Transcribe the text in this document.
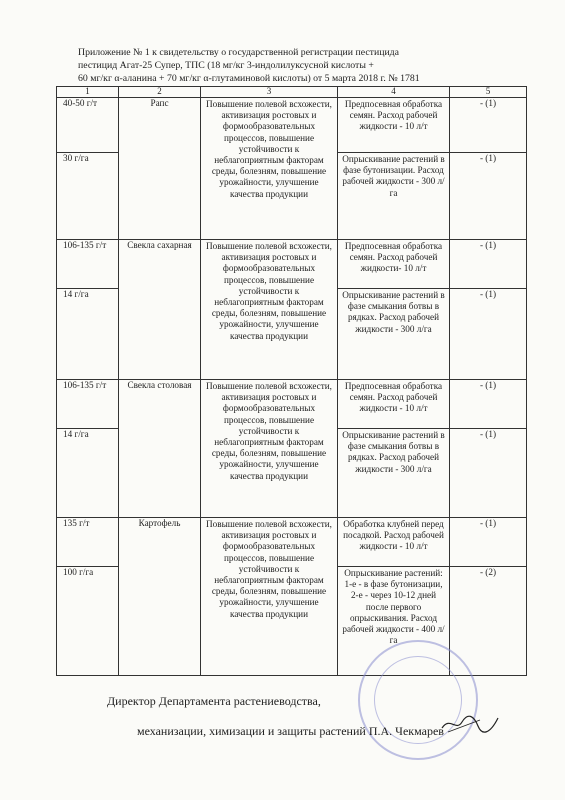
Приложение № 1 к свидетельству о государственной регистрации пестицида
пестицид Агат-25 Супер, ТПС (18 мг/кг 3-индолилуксусной кислоты +
60 мг/кг α-аланина + 70 мг/кг α-глутаминовой кислоты) от 5 марта 2018 г. № 1781
1	2	3	4	5
40-50 г/т	Рапс	Повышение полевой всхожести, активизация ростовых и формообразовательных процессов, повышение устойчивости к неблагоприятным факторам среды, болезням, повышение урожайности, улучшение качества продукции	Предпосевная обработка семян. Расход рабочей жидкости - 10 л/т	- (1)
30 г/га			Опрыскивание растений в фазе бутонизации. Расход рабочей жидкости - 300 л/га	- (1)
106-135 г/т	Свекла сахарная	Повышение полевой всхожести, активизация ростовых и формообразовательных процессов, повышение устойчивости к неблагоприятным факторам среды, болезням, повышение урожайности, улучшение качества продукции	Предпосевная обработка семян. Расход рабочей жидкости- 10 л/т	- (1)
14 г/га			Опрыскивание растений в фазе смыкания ботвы в рядках. Расход рабочей жидкости - 300 л/га	- (1)
106-135 г/т	Свекла столовая	Повышение полевой всхожести, активизация ростовых и формообразовательных процессов, повышение устойчивости к неблагоприятным факторам среды, болезням, повышение урожайности, улучшение качества продукции	Предпосевная обработка семян. Расход рабочей жидкости - 10 л/т	- (1)
14 г/га			Опрыскивание растений в фазе смыкания ботвы в рядках. Расход рабочей жидкости - 300 л/га	- (1)
135 г/т	Картофель	Повышение полевой всхожести, активизация ростовых и формообразовательных процессов, повышение устойчивости к неблагоприятным факторам среды, болезням, повышение урожайности, улучшение качества продукции	Обработка клубней перед посадкой. Расход рабочей жидкости - 10 л/т	- (1)
100 г/га			Опрыскивание растений: 1-е - в фазе бутонизации, 2-е - через 10-12 дней после первого опрыскивания. Расход рабочей жидкости - 400 л/га	- (2)
Директор Департамента растениеводства,
механизации, химизации и защиты растений П.А. Чекмарев
